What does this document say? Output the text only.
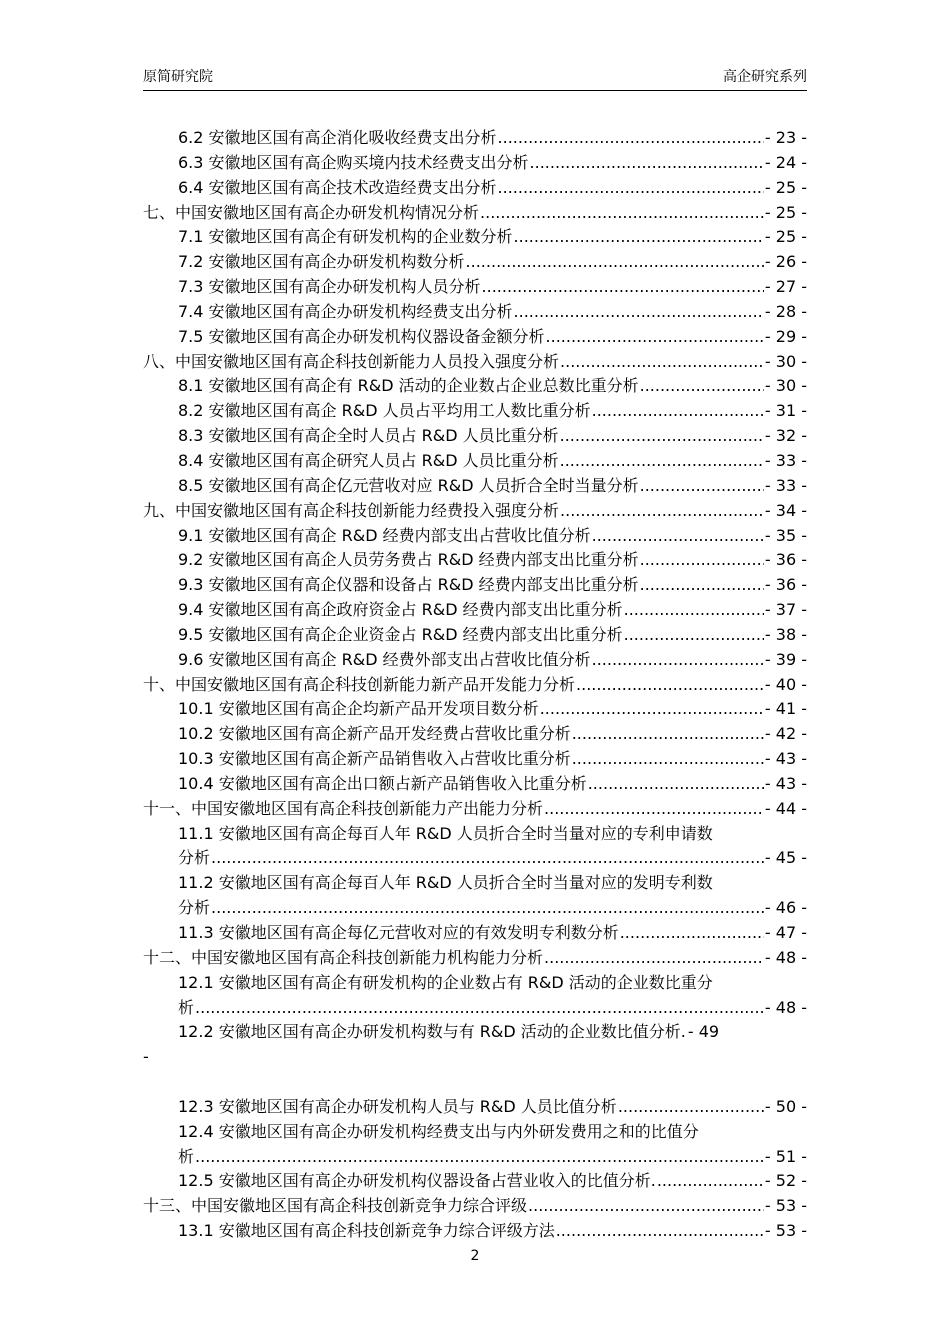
原简研究院	高企研究系列
6.2 安徽地区国有高企消化吸收经费支出分析 .....	- 23 -
6.3 安徽地区国有高企购买境内技术经费支出分析 .....	- 24 -
6.4 安徽地区国有高企技术改造经费支出分析 .....	- 25 -
七、中国安徽地区国有高企办研发机构情况分析 .....	- 25 -
7.1 安徽地区国有高企有研发机构的企业数分析 .....	- 25 -
7.2 安徽地区国有高企办研发机构数分析 .....	- 26 -
7.3 安徽地区国有高企办研发机构人员分析 .....	- 27 -
7.4 安徽地区国有高企办研发机构经费支出分析 .....	- 28 -
7.5 安徽地区国有高企办研发机构仪器设备金额分析 .....	- 29 -
八、中国安徽地区国有高企科技创新能力人员投入强度分析 .....	- 30 -
8.1 安徽地区国有高企有 R&D 活动的企业数占企业总数比重分析 .....	- 30 -
8.2 安徽地区国有高企 R&D 人员占平均用工人数比重分析 .....	- 31 -
8.3 安徽地区国有高企全时人员占 R&D 人员比重分析 .....	- 32 -
8.4 安徽地区国有高企研究人员占 R&D 人员比重分析 .....	- 33 -
8.5 安徽地区国有高企亿元营收对应 R&D 人员折合全时当量分析 .....	- 33 -
九、中国安徽地区国有高企科技创新能力经费投入强度分析 .....	- 34 -
9.1 安徽地区国有高企 R&D 经费内部支出占营收比值分析 .....	- 35 -
9.2 安徽地区国有高企人员劳务费占 R&D 经费内部支出比重分析 .....	- 36 -
9.3 安徽地区国有高企仪器和设备占 R&D 经费内部支出比重分析 .....	- 36 -
9.4 安徽地区国有高企政府资金占 R&D 经费内部支出比重分析 .....	- 37 -
9.5 安徽地区国有高企企业资金占 R&D 经费内部支出比重分析 .....	- 38 -
9.6 安徽地区国有高企 R&D 经费外部支出占营收比值分析 .....	- 39 -
十、中国安徽地区国有高企科技创新能力新产品开发能力分析 .....	- 40 -
10.1 安徽地区国有高企企均新产品开发项目数分析 .....	- 41 -
10.2 安徽地区国有高企新产品开发经费占营收比重分析 .....	- 42 -
10.3 安徽地区国有高企新产品销售收入占营收比重分析 .....	- 43 -
10.4 安徽地区国有高企出口额占新产品销售收入比重分析 .....	- 43 -
十一、中国安徽地区国有高企科技创新能力产出能力分析 .....	- 44 -
11.1 安徽地区国有高企每百人年 R&D 人员折合全时当量对应的专利申请数
分析 .....	- 45 -
11.2 安徽地区国有高企每百人年 R&D 人员折合全时当量对应的发明专利数
分析 .....	- 46 -
11.3 安徽地区国有高企每亿元营收对应的有效发明专利数分析 .....	- 47 -
十二、中国安徽地区国有高企科技创新能力机构能力分析 .....	- 48 -
12.1 安徽地区国有高企有研发机构的企业数占有 R&D 活动的企业数比重分
析 .....	- 48 -
12.2 安徽地区国有高企办研发机构数与有 R&D 活动的企业数比值分析. - 49
-
12.3 安徽地区国有高企办研发机构人员与 R&D 人员比值分析 .....	- 50 -
12.4 安徽地区国有高企办研发机构经费支出与内外研发费用之和的比值分
析 .....	- 51 -
12.5 安徽地区国有高企办研发机构仪器设备占营业收入的比值分析. .....	- 52 -
十三、中国安徽地区国有高企科技创新竞争力综合评级 .....	- 53 -
13.1 安徽地区国有高企科技创新竞争力综合评级方法 .....	- 53 -
2
